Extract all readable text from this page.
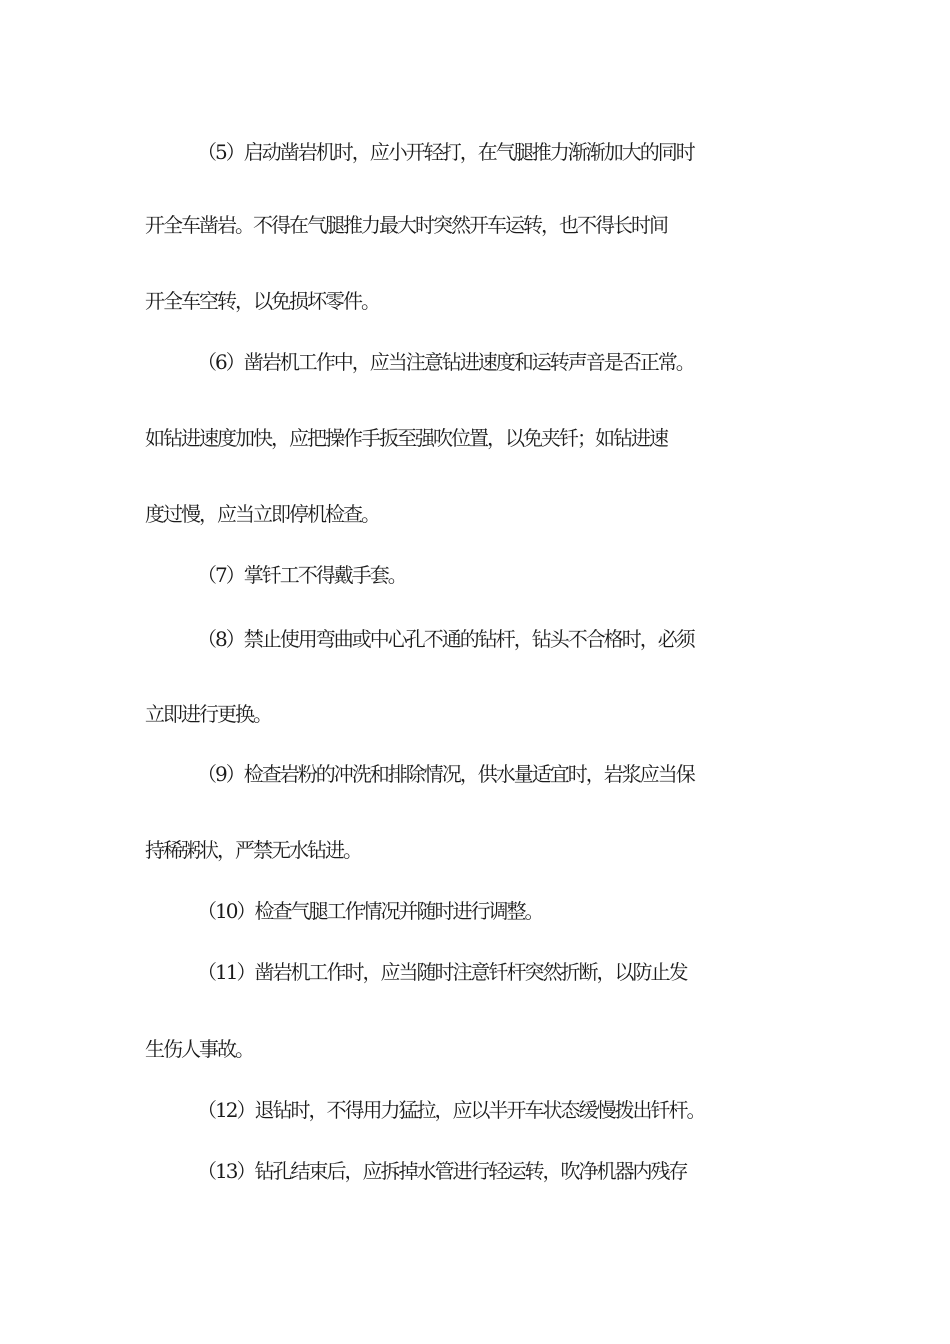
（5）启动凿岩机时，应小开轻打，在气腿推力渐渐加大的同时
开全车凿岩。不得在气腿推力最大时突然开车运转，也不得长时间
开全车空转，以免损坏零件。
（6）凿岩机工作中，应当注意钻进速度和运转声音是否正常。
如钻进速度加快，应把操作手扳至强吹位置，以免夹钎；如钻进速
度过慢，应当立即停机检查。
（7）掌钎工不得戴手套。
（8）禁止使用弯曲或中心孔不通的钻杆，钻头不合格时，必须
立即进行更换。
（9）检查岩粉的冲洗和排除情况，供水量适宜时，岩浆应当保
持稀粥状，严禁无水钻进。
（10）检查气腿工作情况并随时进行调整。
（11）凿岩机工作时，应当随时注意钎杆突然折断，以防止发
生伤人事故。
（12）退钻时，不得用力猛拉，应以半开车状态缓慢拨出钎杆。
（13）钻孔结束后，应拆掉水管进行轻运转，吹净机器内残存
